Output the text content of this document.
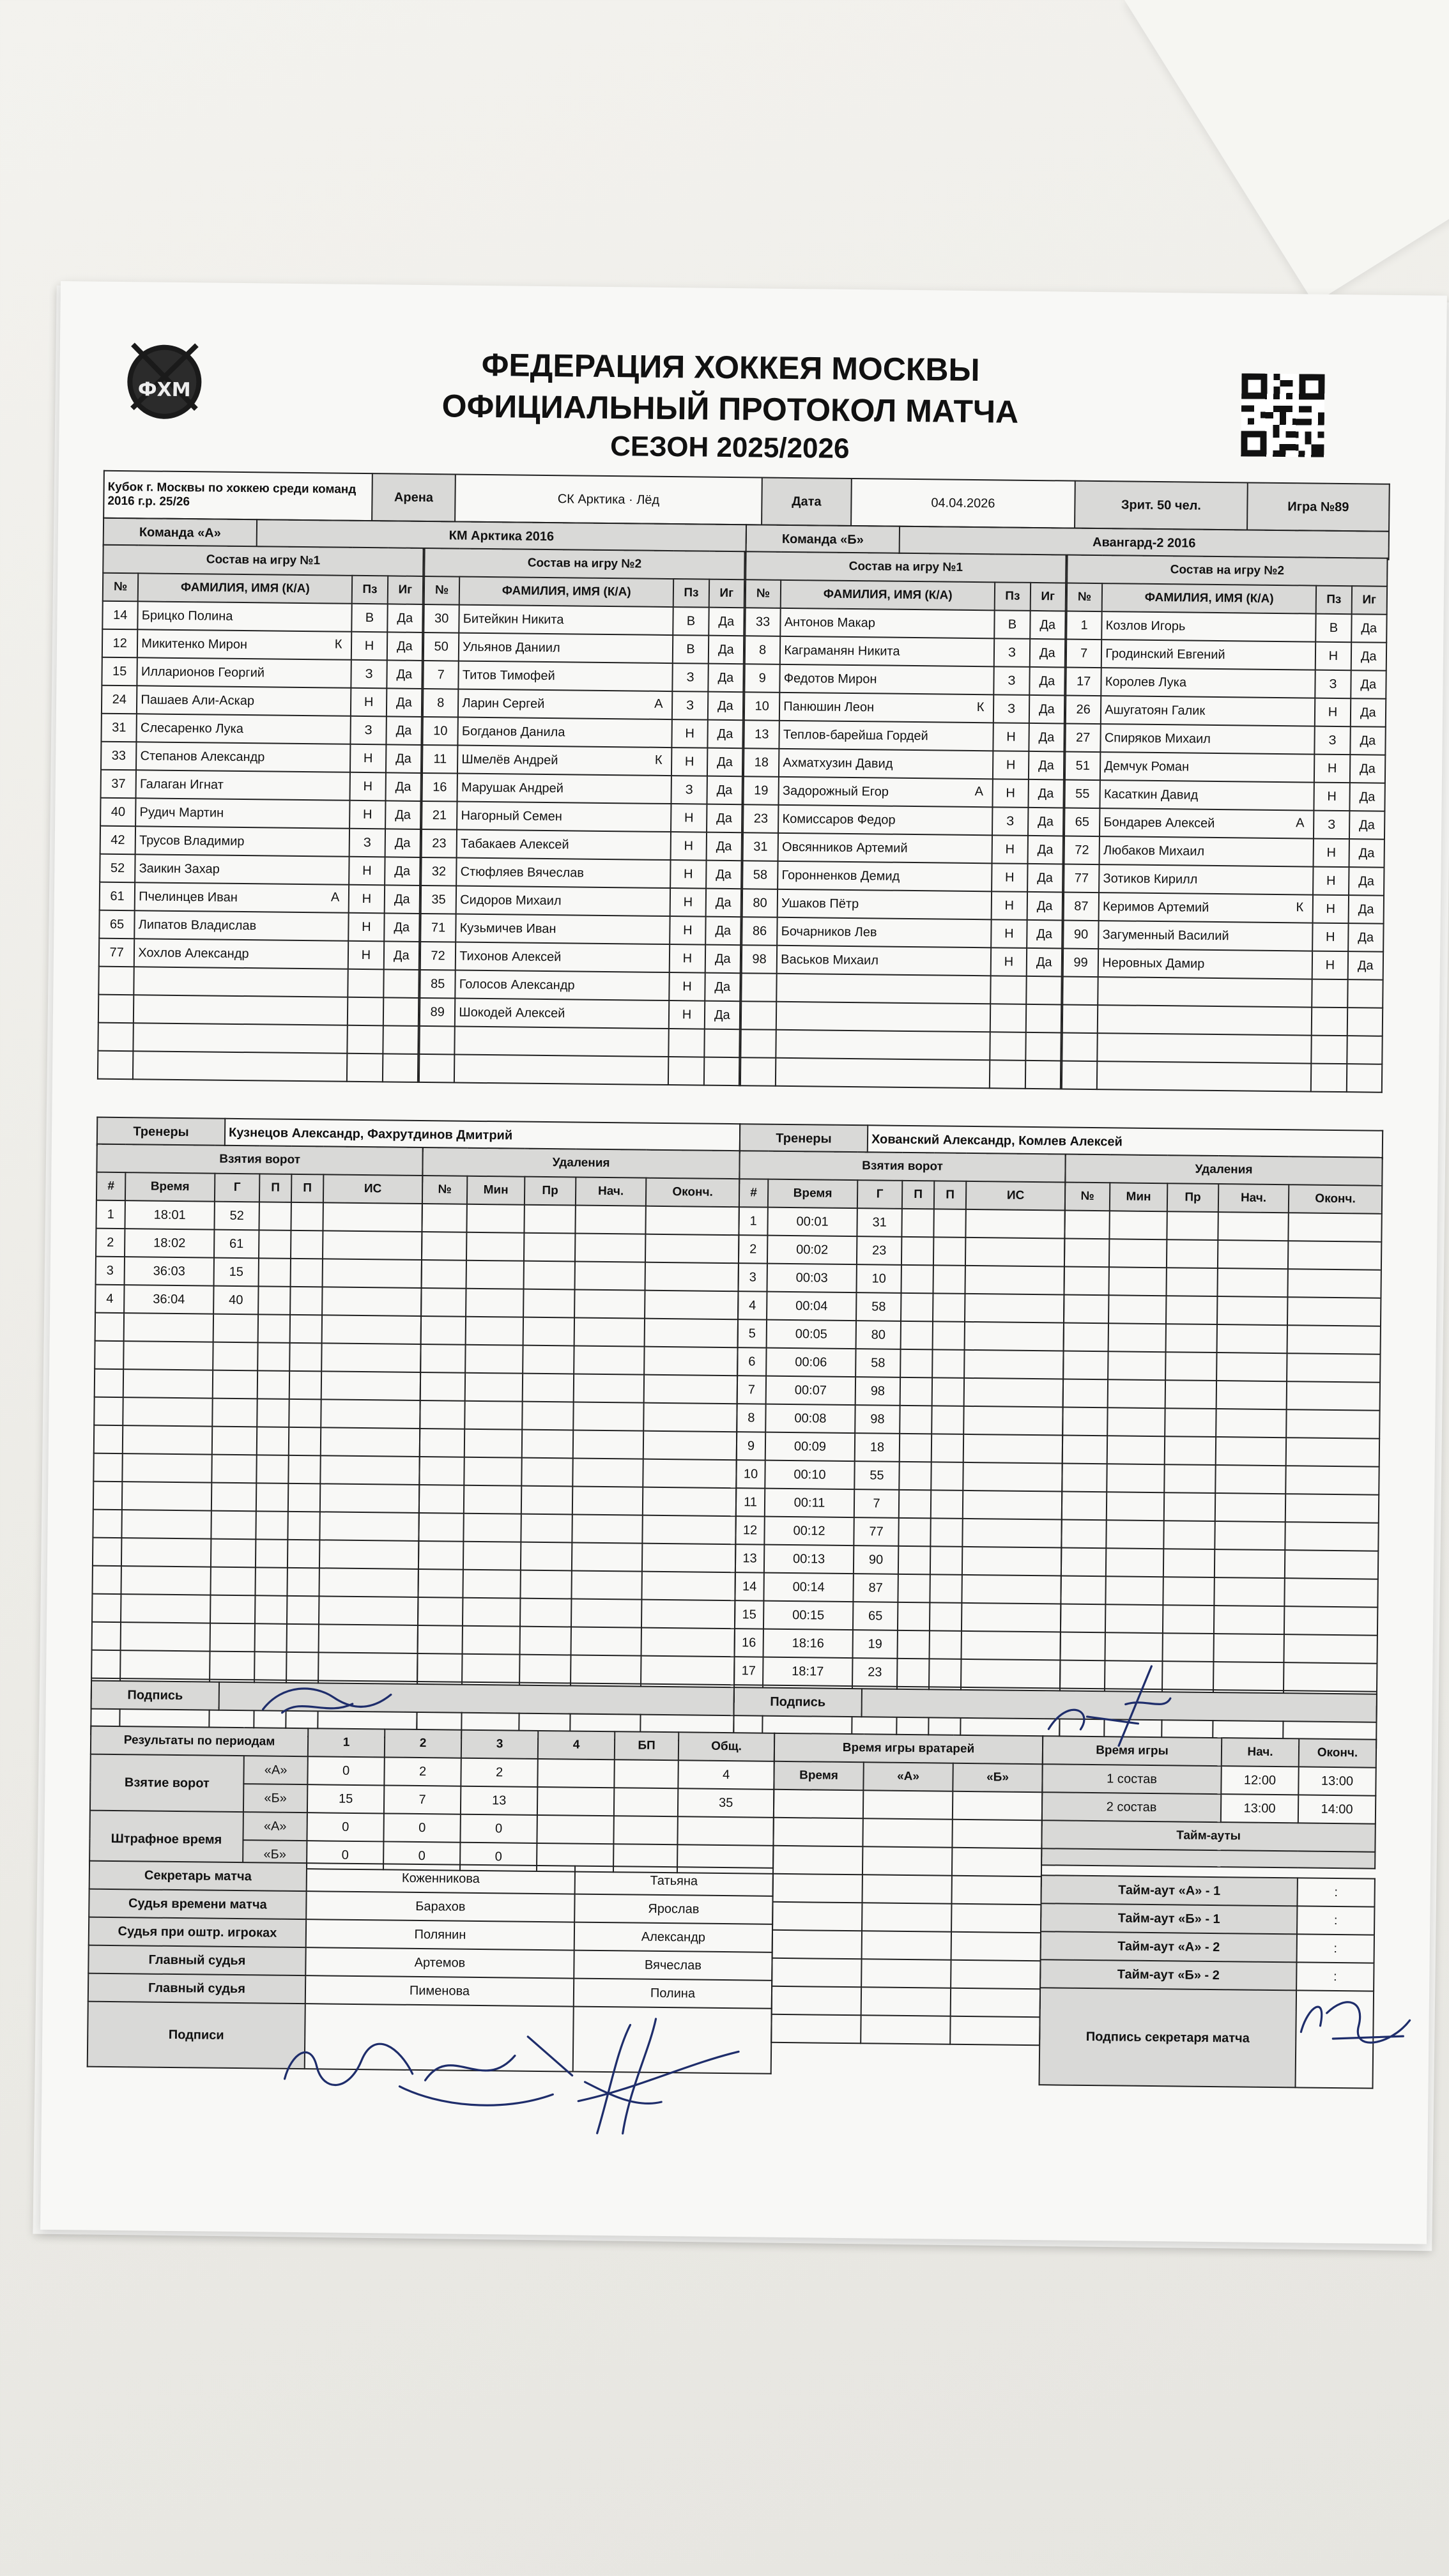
ФХМ
ФЕДЕРАЦИЯ ХОККЕЯ МОСКВЫ
ОФИЦИАЛЬНЫЙ ПРОТОКОЛ МАТЧА
СЕЗОН 2025/2026
Кубок г. Москвы по хоккею среди команд 2016 г.р. 25/26	Арена	СК Арктика · Лёд	Дата	04.04.2026	Зрит. 50 чел.	Игра №89
Команда «А»	КМ Арктика 2016	Команда «Б»	Авангард-2 2016
Состав на игру №1			
№	ФАМИЛИЯ, ИМЯ (К/А)	Пз	Иг
14	Брицко Полина	В	Да
12	Микитенко Мирон К	Н	Да
15	Илларионов Георгий	З	Да
24	Пашаев Али-Аскар	Н	Да
31	Слесаренко Лука	З	Да
33	Степанов Александр	Н	Да
37	Галаган Игнат	Н	Да
40	Рудич Мартин	Н	Да
42	Трусов Владимир	З	Да
52	Заикин Захар	Н	Да
61	Пчелинцев Иван А	Н	Да
65	Липатов Владислав	Н	Да
77	Хохлов Александр	Н	Да

Состав на игру №2			
№	ФАМИЛИЯ, ИМЯ (К/А)	Пз	Иг
30	Битейкин Никита	В	Да
50	Ульянов Даниил	В	Да
7	Титов Тимофей	З	Да
8	Ларин Сергей А	З	Да
10	Богданов Данила	Н	Да
11	Шмелёв Андрей К	Н	Да
16	Марушак Андрей	З	Да
21	Нагорный Семен	Н	Да
23	Табакаев Алексей	Н	Да
32	Стюфляев Вячеслав	Н	Да
35	Сидоров Михаил	Н	Да
71	Кузьмичев Иван	Н	Да
72	Тихонов Алексей	Н	Да
85	Голосов Александр	Н	Да
89	Шокодей Алексей	Н	Да

Состав на игру №1			
№	ФАМИЛИЯ, ИМЯ (К/А)	Пз	Иг
33	Антонов Макар	В	Да
8	Каграманян Никита	З	Да
9	Федотов Мирон	З	Да
10	Панюшин Леон К	З	Да
13	Теплов-барейша Гордей	Н	Да
18	Ахматхузин Давид	Н	Да
19	Задорожный Егор А	Н	Да
23	Комиссаров Федор	З	Да
31	Овсянников Артемий	Н	Да
58	Горонненков Демид	Н	Да
80	Ушаков Пётр	Н	Да
86	Бочарников Лев	Н	Да
98	Васьков Михаил	Н	Да

Состав на игру №2			
№	ФАМИЛИЯ, ИМЯ (К/А)	Пз	Иг
1	Козлов Игорь	В	Да
7	Гродинский Евгений	Н	Да
17	Королев Лука	З	Да
26	Ашугатоян Галик	Н	Да
27	Спиряков Михаил	З	Да
51	Демчук Роман	Н	Да
55	Касаткин Давид	Н	Да
65	Бондарев Алексей А	З	Да
72	Любаков Михаил	Н	Да
77	Зотиков Кирилл	Н	Да
87	Керимов Артемий К	Н	Да
90	Загуменный Василий	Н	Да
99	Неровных Дамир	Н	Да

Тренеры	Кузнецов Александр, Фахрутдинов Дмитрий	Тренеры	Хованский Александр, Комлев Алексей
Взятия ворот					
#	Время	Г	П	П	ИС
1	18:01	52			
2	18:02	61			
3	36:03	15			
4	36:04	40			

Удаления				
№	Мин	Пр	Нач.	Оконч.

Взятия ворот					
#	Время	Г	П	П	ИС
1	00:01	31			
2	00:02	23			
3	00:03	10			
4	00:04	58			
5	00:05	80			
6	00:06	58			
7	00:07	98			
8	00:08	98			
9	00:09	18			
10	00:10	55			
11	00:11	7			
12	00:12	77			
13	00:13	90			
14	00:14	87			
15	00:15	65			
16	18:16	19			
17	18:17	23			

Удаления				
№	Мин	Пр	Нач.	Оконч.

Подпись		Подпись	
Результаты по периодам		1	2	3	4	БП	Общ.
Взятие ворот	«А»	0	2	2			4
	«Б»	15	7	13			35
Штрафное время	«А»	0	0	0			
	«Б»	0	0	0			
Секретарь матча	Коженникова	Татьяна
Судья времени матча	Барахов	Ярослав
Судья при оштр. игроках	Полянин	Александр
Главный судья	Артемов	Вячеслав
Главный судья	Пименова	Полина
Подписи		
Время игры вратарей		
Время	«А»	«Б»

Время игры	Нач.	Оконч.
1 состав	12:00	13:00
2 состав	13:00	14:00
Тайм-ауты		

Тайм-аут «А» - 1	:
Тайм-аут «Б» - 1	:
Тайм-аут «А» - 2	:
Тайм-аут «Б» - 2	:
Подпись секретаря матча	
